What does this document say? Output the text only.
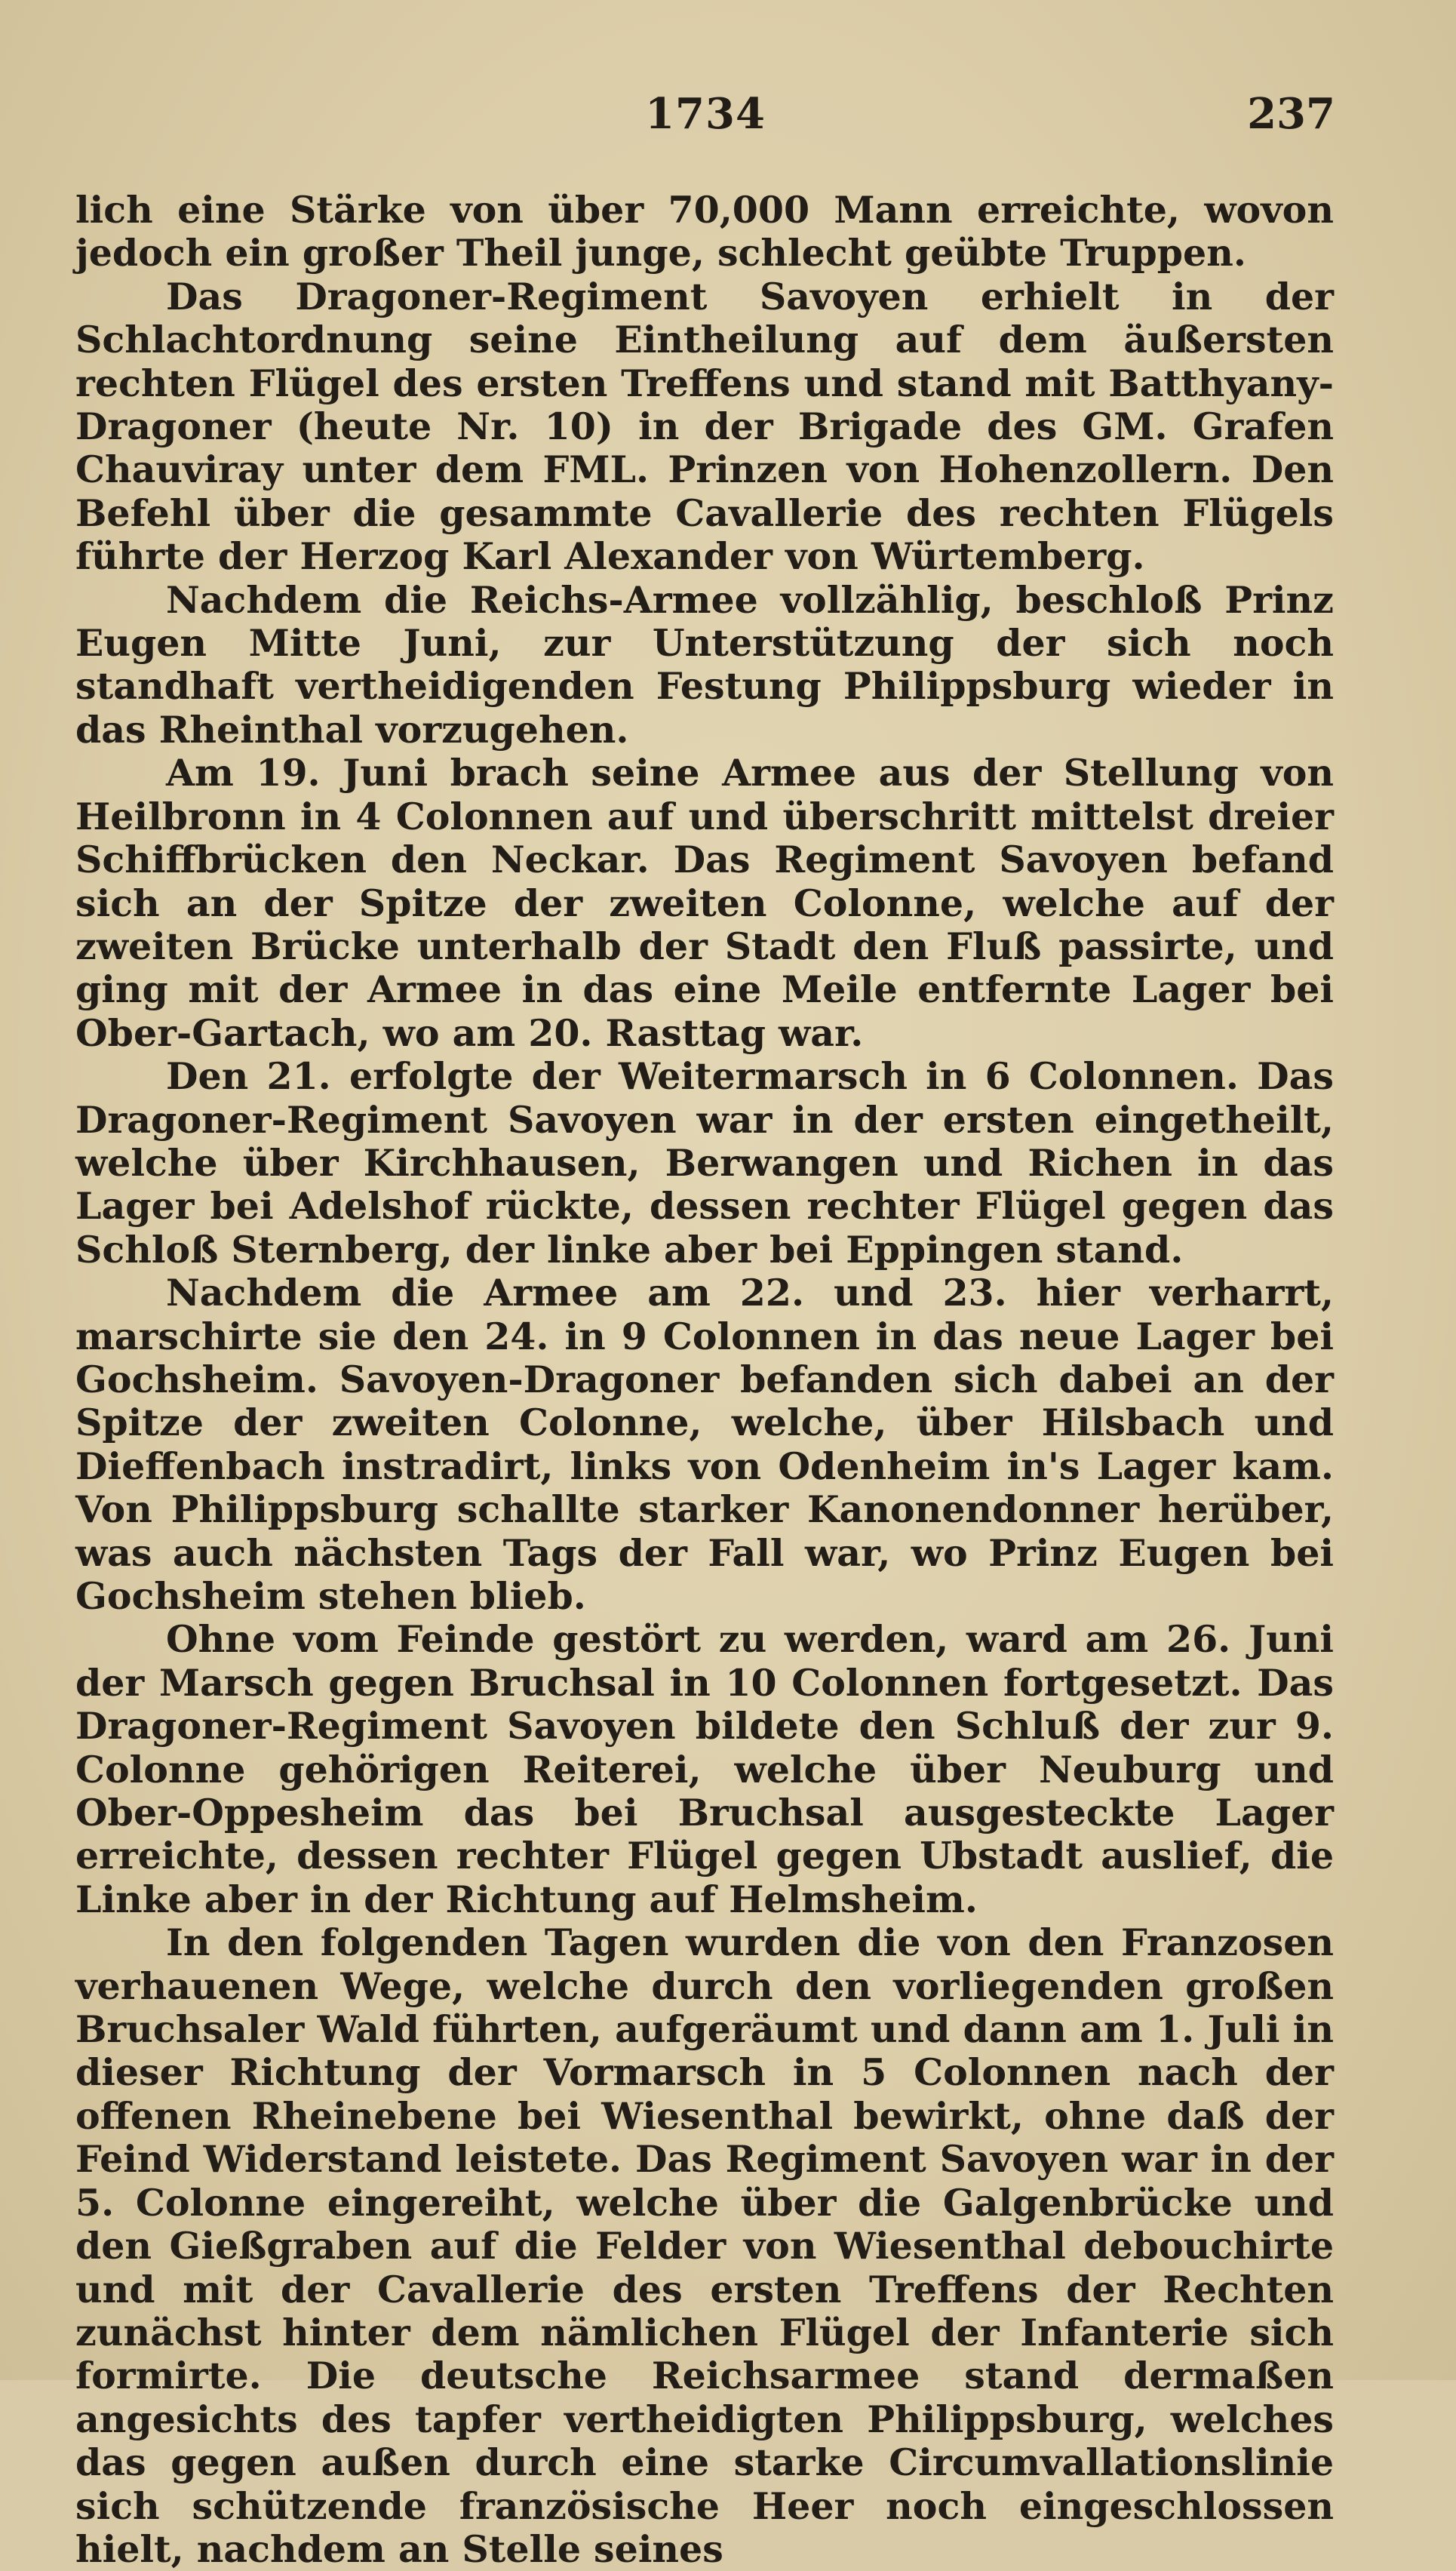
1734	237

lich eine Stärke von über 70,000 Mann erreichte, wovon jedoch ein großer Theil junge, schlecht geübte Truppen.

Das Dragoner-Regiment Savoyen erhielt in der Schlachtordnung seine Eintheilung auf dem äußersten rechten Flügel des ersten Treffens und stand mit Batthyany-Dragoner (heute Nr. 10) in der Brigade des GM. Grafen Chauviray unter dem FML. Prinzen von Hohenzollern. Den Befehl über die gesammte Cavallerie des rechten Flügels führte der Herzog Karl Alexander von Würtemberg.

Nachdem die Reichs-Armee vollzählig, beschloß Prinz Eugen Mitte Juni, zur Unterstützung der sich noch standhaft vertheidigenden Festung Philippsburg wieder in das Rheinthal vorzugehen.

Am 19. Juni brach seine Armee aus der Stellung von Heilbronn in 4 Colonnen auf und überschritt mittelst dreier Schiffbrücken den Neckar. Das Regiment Savoyen befand sich an der Spitze der zweiten Colonne, welche auf der zweiten Brücke unterhalb der Stadt den Fluß passirte, und ging mit der Armee in das eine Meile entfernte Lager bei Ober-Gartach, wo am 20. Rasttag war.

Den 21. erfolgte der Weitermarsch in 6 Colonnen. Das Dragoner-Regiment Savoyen war in der ersten eingetheilt, welche über Kirchhausen, Berwangen und Richen in das Lager bei Adelshof rückte, dessen rechter Flügel gegen das Schloß Sternberg, der linke aber bei Eppingen stand.

Nachdem die Armee am 22. und 23. hier verharrt, marschirte sie den 24. in 9 Colonnen in das neue Lager bei Gochsheim. Savoyen-Dragoner befanden sich dabei an der Spitze der zweiten Colonne, welche, über Hilsbach und Dieffenbach instradirt, links von Odenheim in's Lager kam. Von Philippsburg schallte starker Kanonendonner herüber, was auch nächsten Tags der Fall war, wo Prinz Eugen bei Gochsheim stehen blieb.

Ohne vom Feinde gestört zu werden, ward am 26. Juni der Marsch gegen Bruchsal in 10 Colonnen fortgesetzt. Das Dragoner-Regiment Savoyen bildete den Schluß der zur 9. Colonne gehörigen Reiterei, welche über Neuburg und Ober-Oppesheim das bei Bruchsal ausgesteckte Lager erreichte, dessen rechter Flügel gegen Ubstadt auslief, die Linke aber in der Richtung auf Helmsheim.

In den folgenden Tagen wurden die von den Franzosen verhauenen Wege, welche durch den vorliegenden großen Bruchsaler Wald führten, aufgeräumt und dann am 1. Juli in dieser Richtung der Vormarsch in 5 Colonnen nach der offenen Rheinebene bei Wiesenthal bewirkt, ohne daß der Feind Widerstand leistete. Das Regiment Savoyen war in der 5. Colonne eingereiht, welche über die Galgenbrücke und den Gießgraben auf die Felder von Wiesenthal debouchirte und mit der Cavallerie des ersten Treffens der Rechten zunächst hinter dem nämlichen Flügel der Infanterie sich formirte. Die deutsche Reichsarmee stand dermaßen angesichts des tapfer vertheidigten Philippsburg, welches das gegen außen durch eine starke Circumvallationslinie sich schützende französische Heer noch eingeschlossen hielt, nachdem an Stelle seines
